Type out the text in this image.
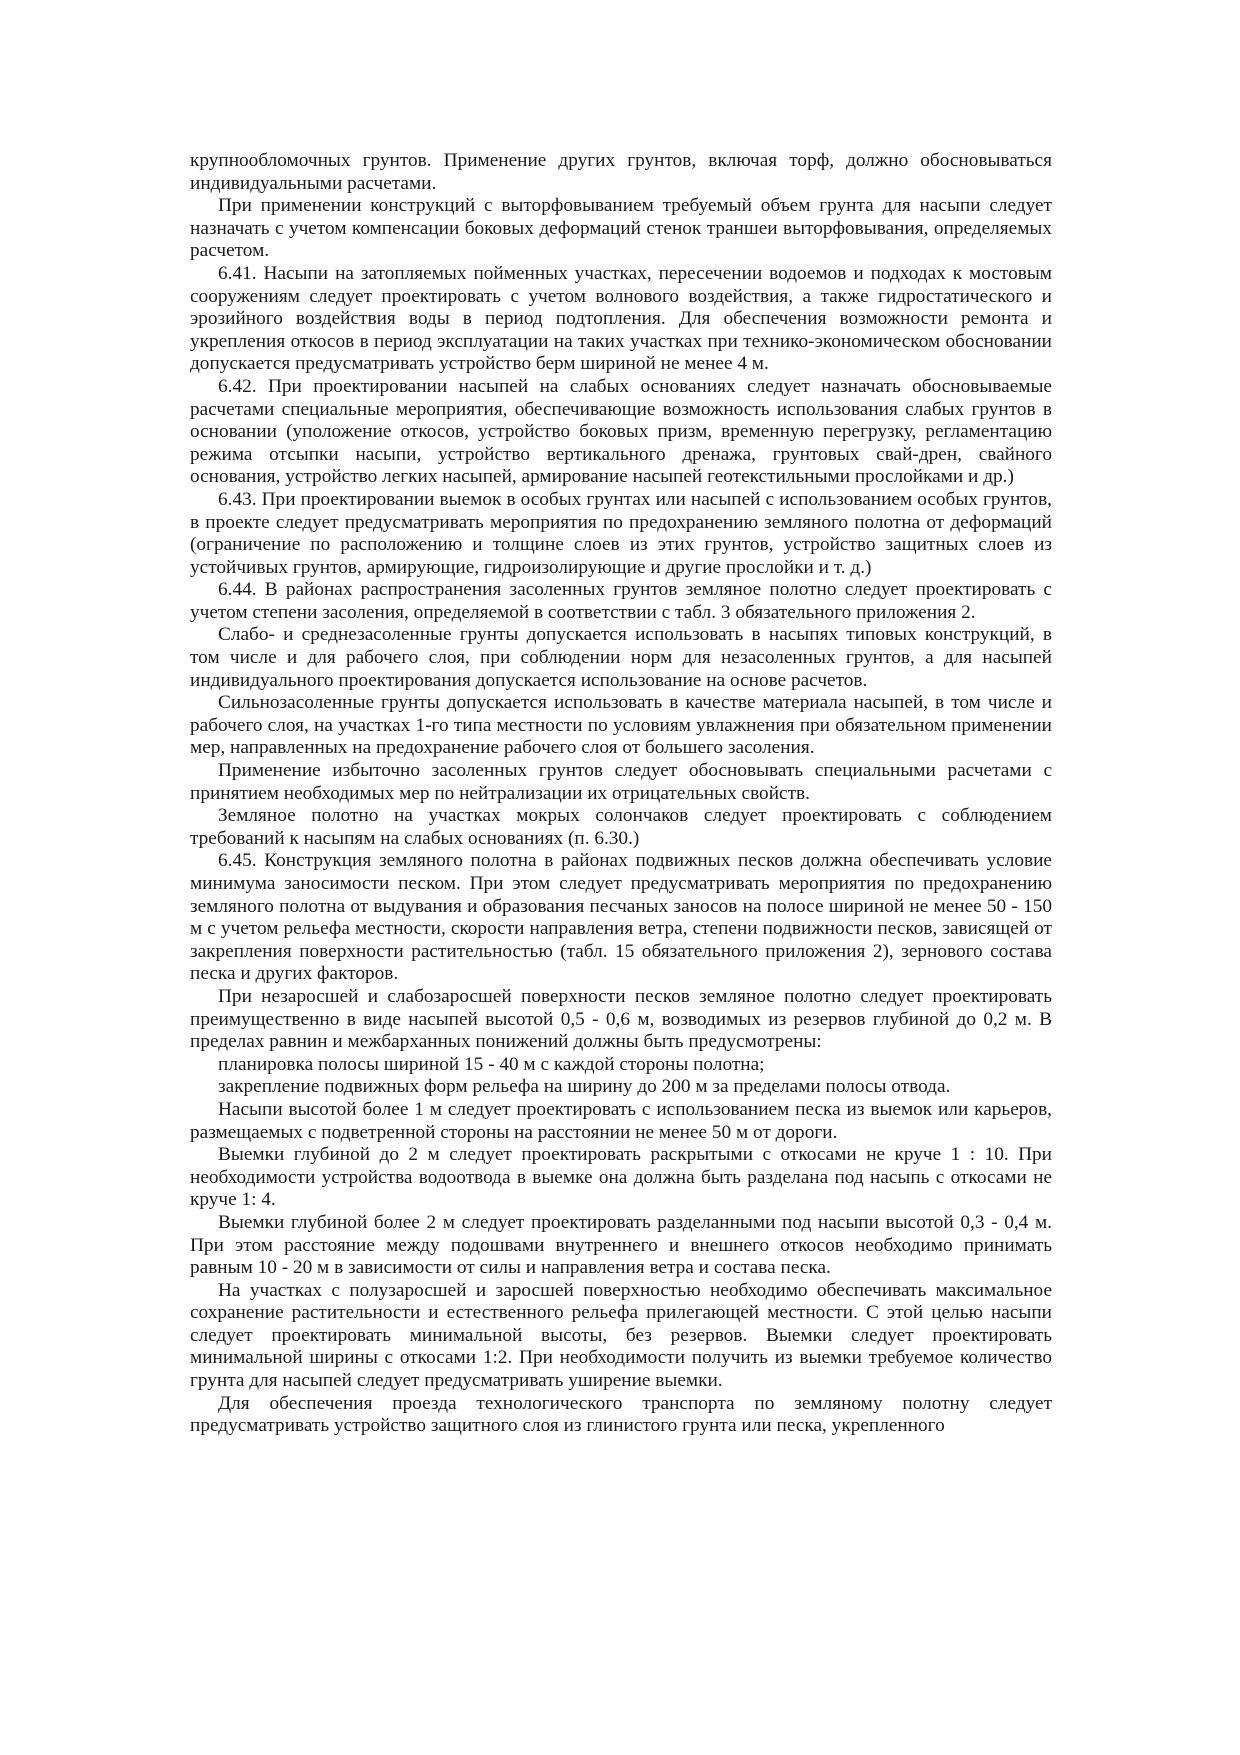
крупнообломочных грунтов. Применение других грунтов, включая торф, должно обосновываться индивидуальными расчетами.

При применении конструкций с выторфовыванием требуемый объем грунта для насыпи следует назначать с учетом компенсации боковых деформаций стенок траншеи выторфовывания, определяемых расчетом.

6.41. Насыпи на затопляемых пойменных участках, пересечении водоемов и подходах к мостовым сооружениям следует проектировать с учетом волнового воздействия, а также гидростатического и эрозийного воздействия воды в период подтопления. Для обеспечения возможности ремонта и укрепления откосов в период эксплуатации на таких участках при технико-экономическом обосновании допускается предусматривать устройство берм шириной не менее 4 м.

6.42. При проектировании насыпей на слабых основаниях следует назначать обосновываемые расчетами специальные мероприятия, обеспечивающие возможность использования слабых грунтов в основании (уположение откосов, устройство боковых призм, временную перегрузку, регламентацию режима отсыпки насыпи, устройство вертикального дренажа, грунтовых свай-дрен, свайного основания, устройство легких насыпей, армирование насыпей геотекстильными прослойками и др.)

6.43. При проектировании выемок в особых грунтах или насыпей с использованием особых грунтов, в проекте следует предусматривать мероприятия по предохранению земляного полотна от деформаций (ограничение по расположению и толщине слоев из этих грунтов, устройство защитных слоев из устойчивых грунтов, армирующие, гидроизолирующие и другие прослойки и т. д.)

6.44. В районах распространения засоленных грунтов земляное полотно следует проектировать с учетом степени засоления, определяемой в соответствии с табл. 3 обязательного приложения 2.

Слабо- и среднезасоленные грунты допускается использовать в насыпях типовых конструкций, в том числе и для рабочего слоя, при соблюдении норм для незасоленных грунтов, а для насыпей индивидуального проектирования допускается использование на основе расчетов.

Сильнозасоленные грунты допускается использовать в качестве материала насыпей, в том числе и рабочего слоя, на участках 1-го типа местности по условиям увлажнения при обязательном применении мер, направленных на предохранение рабочего слоя от большего засоления.

Применение избыточно засоленных грунтов следует обосновывать специальными расчетами с принятием необходимых мер по нейтрализации их отрицательных свойств.

Земляное полотно на участках мокрых солончаков следует проектировать с соблюдением требований к насыпям на слабых основаниях (п. 6.30.)

6.45. Конструкция земляного полотна в районах подвижных песков должна обеспечивать условие минимума заносимости песком. При этом следует предусматривать мероприятия по предохранению земляного полотна от выдувания и образования песчаных заносов на полосе шириной не менее 50 - 150 м с учетом рельефа местности, скорости направления ветра, степени подвижности песков, зависящей от закрепления поверхности растительностью (табл. 15 обязательного приложения 2), зернового состава песка и других факторов.

При незаросшей и слабозаросшей поверхности песков земляное полотно следует проектировать преимущественно в виде насыпей высотой 0,5 - 0,6 м, возводимых из резервов глубиной до 0,2 м. В пределах равнин и межбарханных понижений должны быть предусмотрены:

планировка полосы шириной 15 - 40 м с каждой стороны полотна;

закрепление подвижных форм рельефа на ширину до 200 м за пределами полосы отвода.

Насыпи высотой более 1 м следует проектировать с использованием песка из выемок или карьеров, размещаемых с подветренной стороны на расстоянии не менее 50 м от дороги.

Выемки глубиной до 2 м следует проектировать раскрытыми с откосами не круче 1 : 10. При необходимости устройства водоотвода в выемке она должна быть разделана под насыпь с откосами не круче 1: 4.

Выемки глубиной более 2 м следует проектировать разделанными под насыпи высотой 0,3 - 0,4 м. При этом расстояние между подошвами внутреннего и внешнего откосов необходимо принимать равным 10 - 20 м в зависимости от силы и направления ветра и состава песка.

На участках с полузаросшей и заросшей поверхностью необходимо обеспечивать максимальное сохранение растительности и естественного рельефа прилегающей местности. С этой целью насыпи следует проектировать минимальной высоты, без резервов. Выемки следует проектировать минимальной ширины с откосами 1:2. При необходимости получить из выемки требуемое количество грунта для насыпей следует предусматривать уширение выемки.

Для обеспечения проезда технологического транспорта по земляному полотну следует предусматривать устройство защитного слоя из глинистого грунта или песка, укрепленного
